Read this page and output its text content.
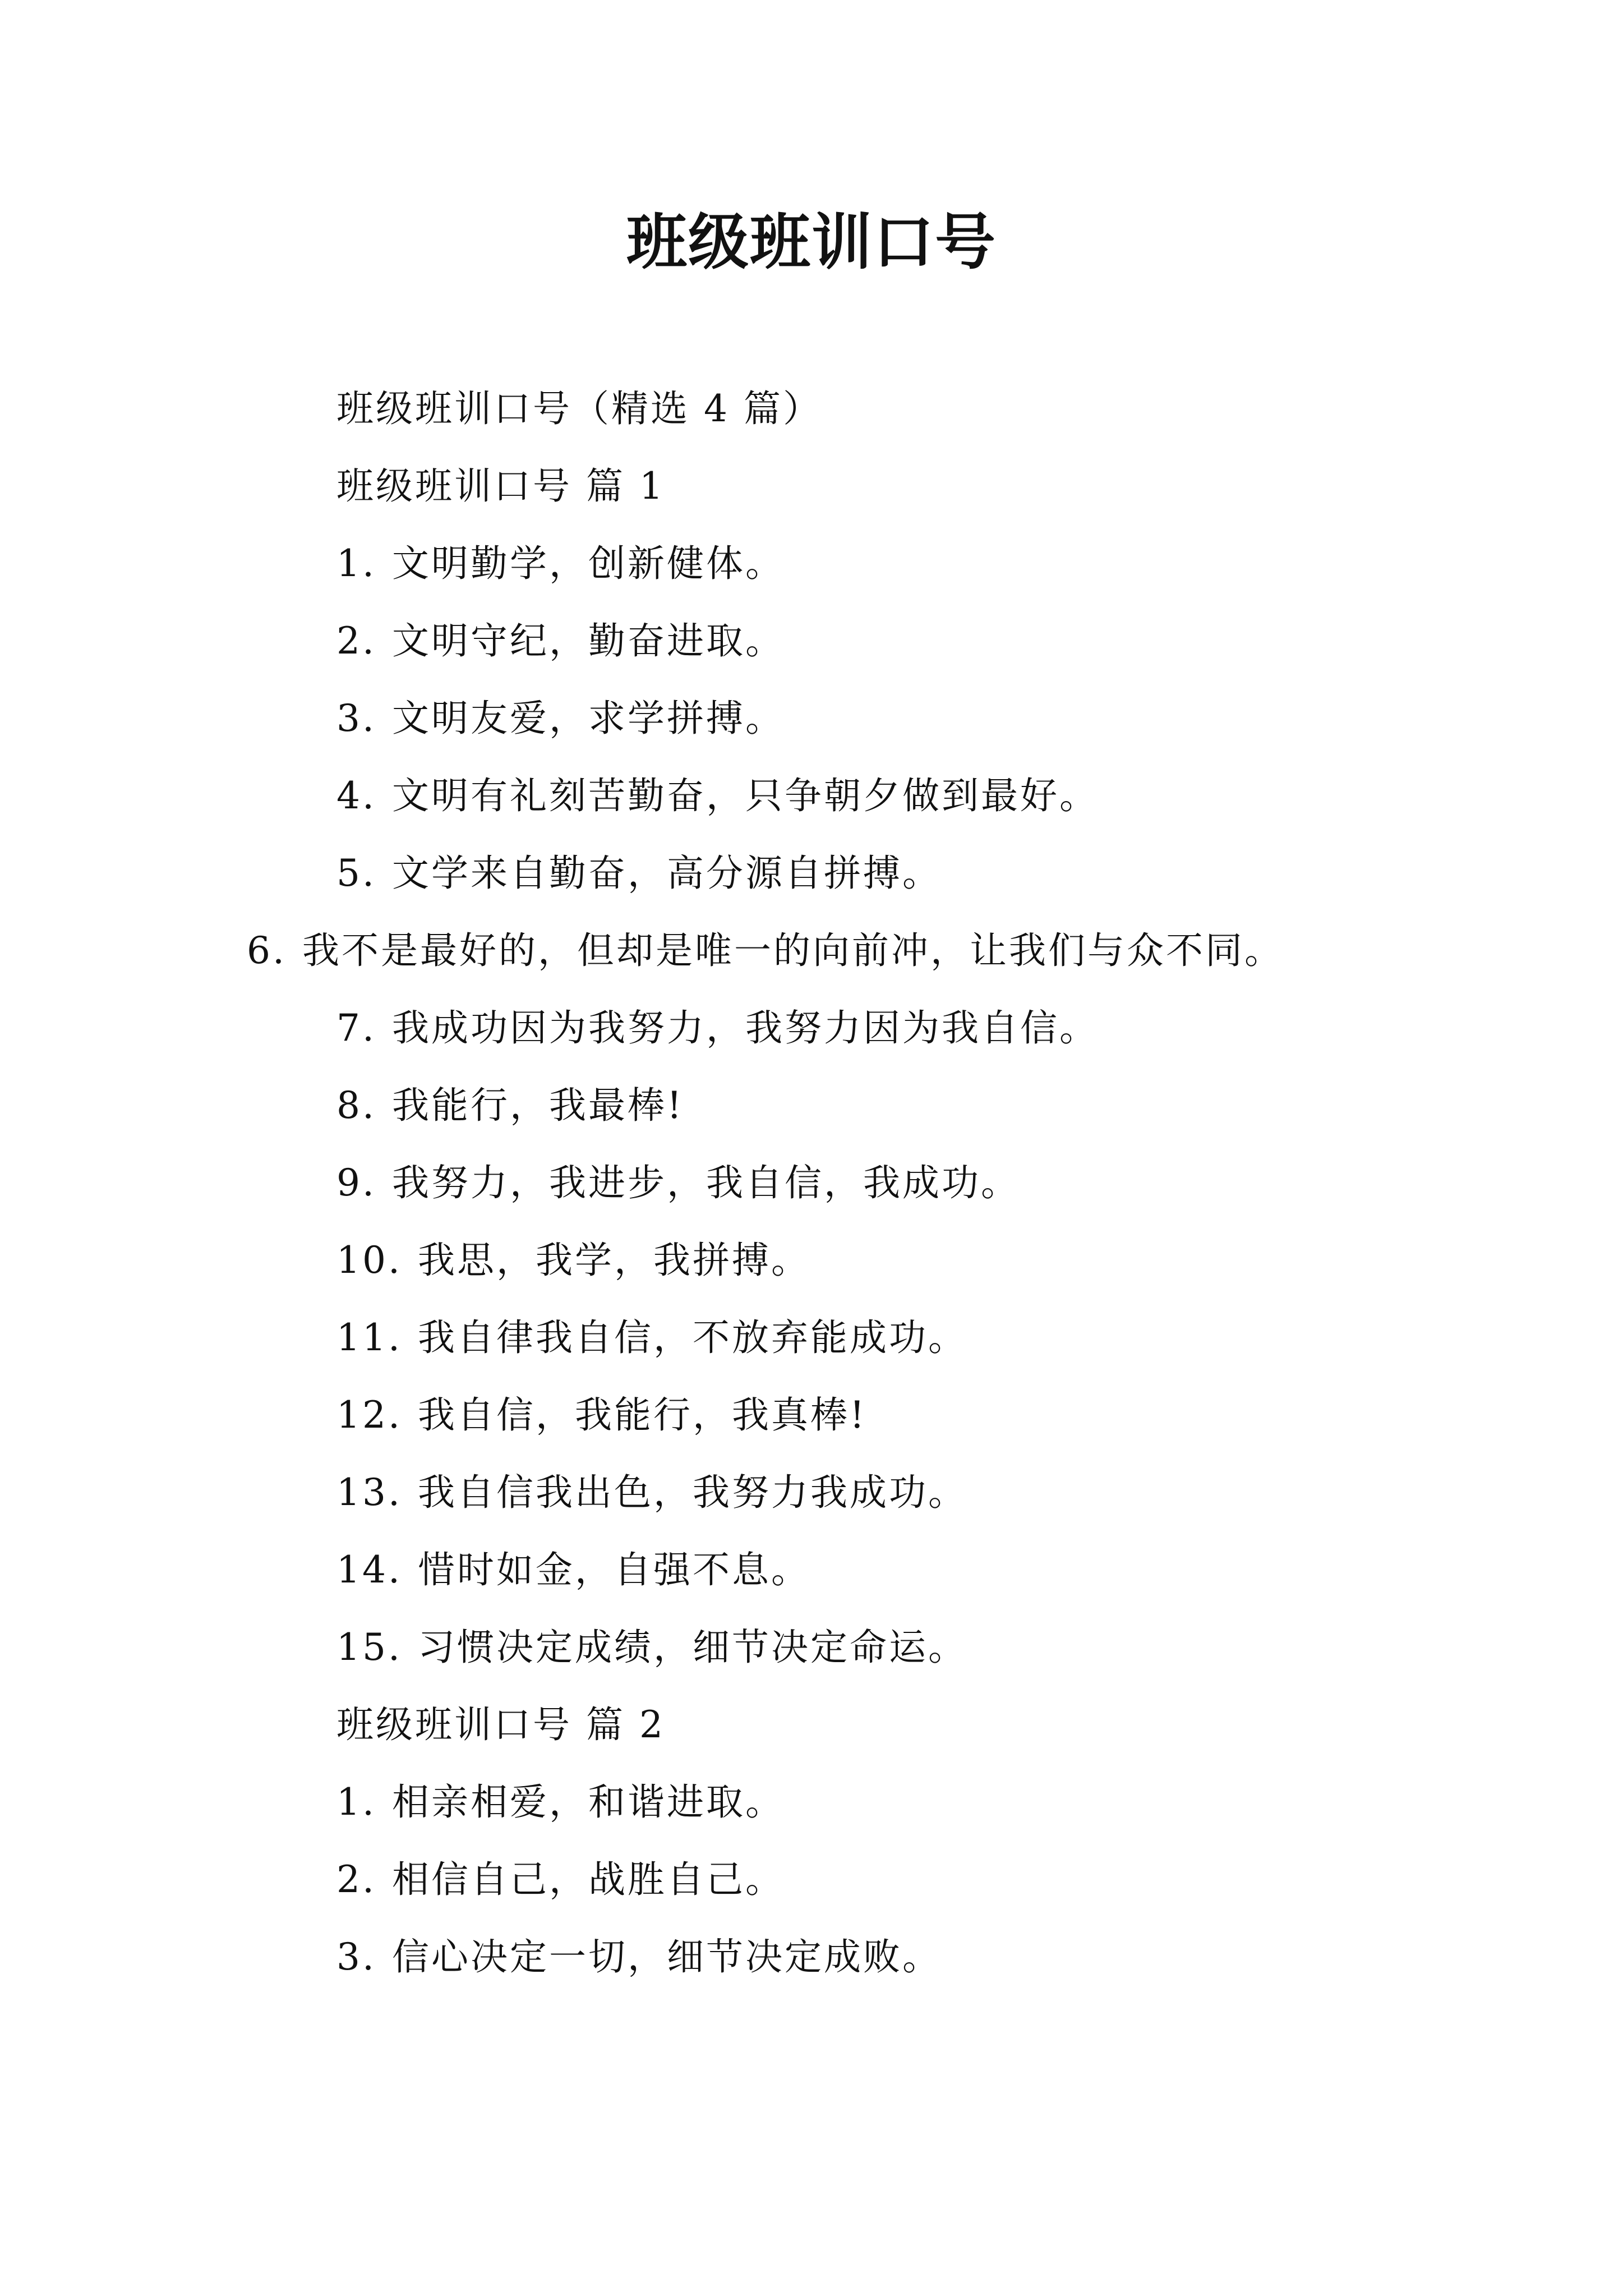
班级班训口号

班级班训口号（精选 4 篇）

班级班训口号 篇 1

1. 文明勤学，创新健体。

2. 文明守纪，勤奋进取。

3. 文明友爱，求学拼搏。

4. 文明有礼刻苦勤奋，只争朝夕做到最好。

5. 文学来自勤奋，高分源自拼搏。

6. 我不是最好的，但却是唯一的向前冲，让我们与众不同。

7. 我成功因为我努力，我努力因为我自信。

8. 我能行，我最棒!

9. 我努力，我进步，我自信，我成功。

10. 我思，我学，我拼搏。

11. 我自律我自信，不放弃能成功。

12. 我自信，我能行，我真棒!

13. 我自信我出色，我努力我成功。

14. 惜时如金，自强不息。

15. 习惯决定成绩，细节决定命运。

班级班训口号 篇 2

1. 相亲相爱，和谐进取。

2. 相信自己，战胜自己。

3. 信心决定一切，细节决定成败。
